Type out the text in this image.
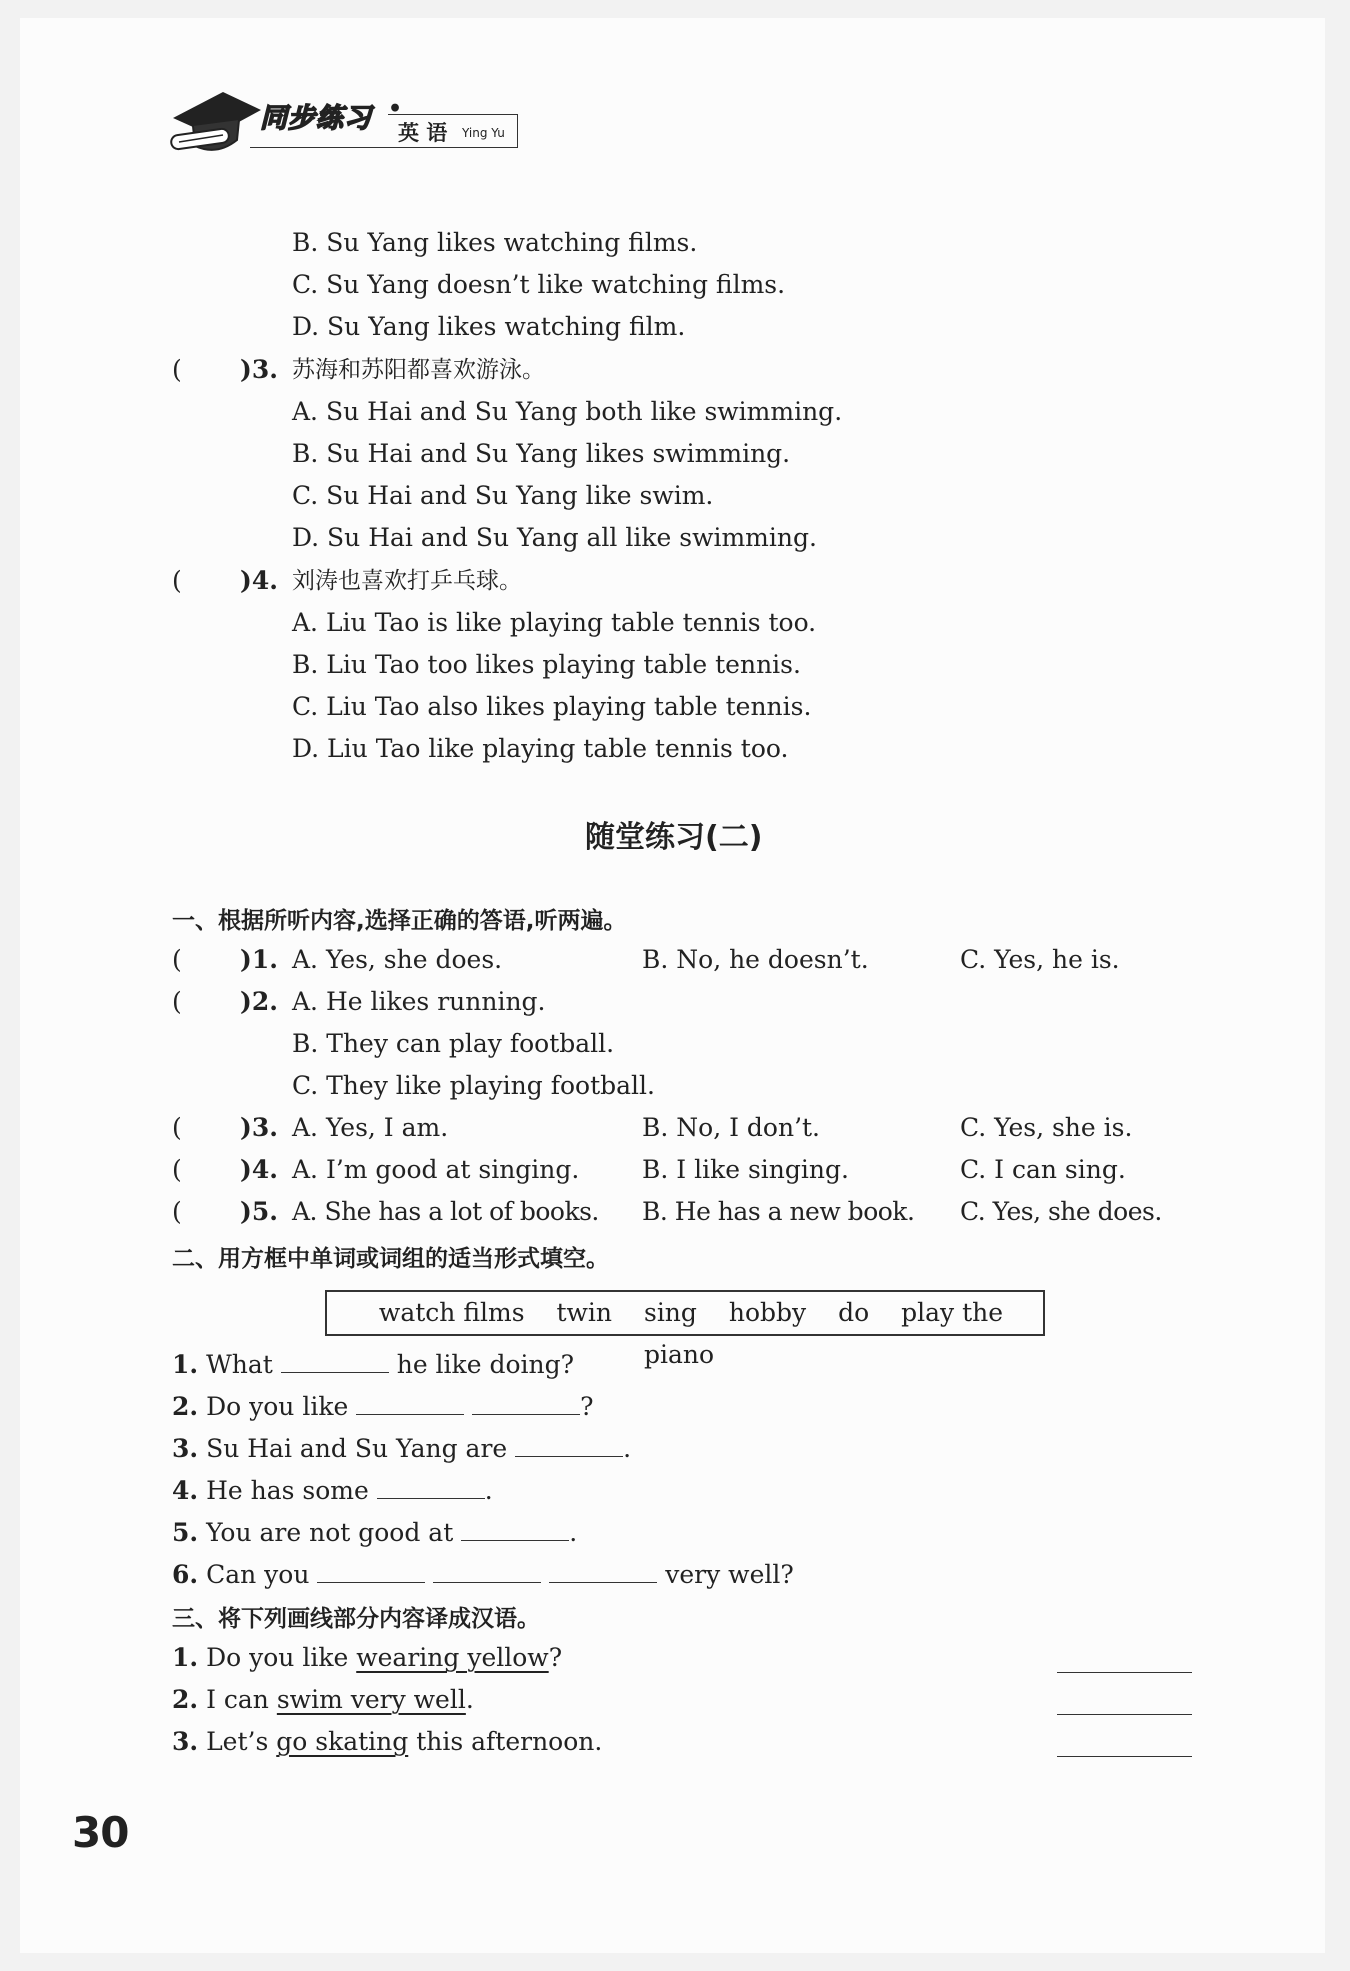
同步练习 •
英 语 Ying Yu
B. Su Yang likes watching films.
C. Su Yang doesn’t like watching films.
D. Su Yang likes watching film.
( )3. 苏海和苏阳都喜欢游泳。
A. Su Hai and Su Yang both like swimming.
B. Su Hai and Su Yang likes swimming.
C. Su Hai and Su Yang like swim.
D. Su Hai and Su Yang all like swimming.
( )4. 刘涛也喜欢打乒乓球。
A. Liu Tao is like playing table tennis too.
B. Liu Tao too likes playing table tennis.
C. Liu Tao also likes playing table tennis.
D. Liu Tao like playing table tennis too.
随堂练习(二)
一、根据所听内容,选择正确的答语,听两遍。
( )1. A. Yes, she does.	B. No, he doesn’t.	C. Yes, he is.
( )2. A. He likes running.
B. They can play football.
C. They like playing football.
( )3. A. Yes, I am.	B. No, I don’t.	C. Yes, she is.
( )4. A. I’m good at singing.	B. I like singing.	C. I can sing.
( )5. A. She has a lot of books. B. He has a new book. C. Yes, she does.
二、用方框中单词或词组的适当形式填空。
watch films twin sing hobby do play the piano
1. What	he like doing?
2. Do you like	?
3. Su Hai and Su Yang are	.
4. He has some	.
5. You are not good at	.
6. Can you	very well?
三、将下列画线部分内容译成汉语。
1. Do you like wearing yellow?
2. I can swim very well.
3. Let’s go skating this afternoon.
30
